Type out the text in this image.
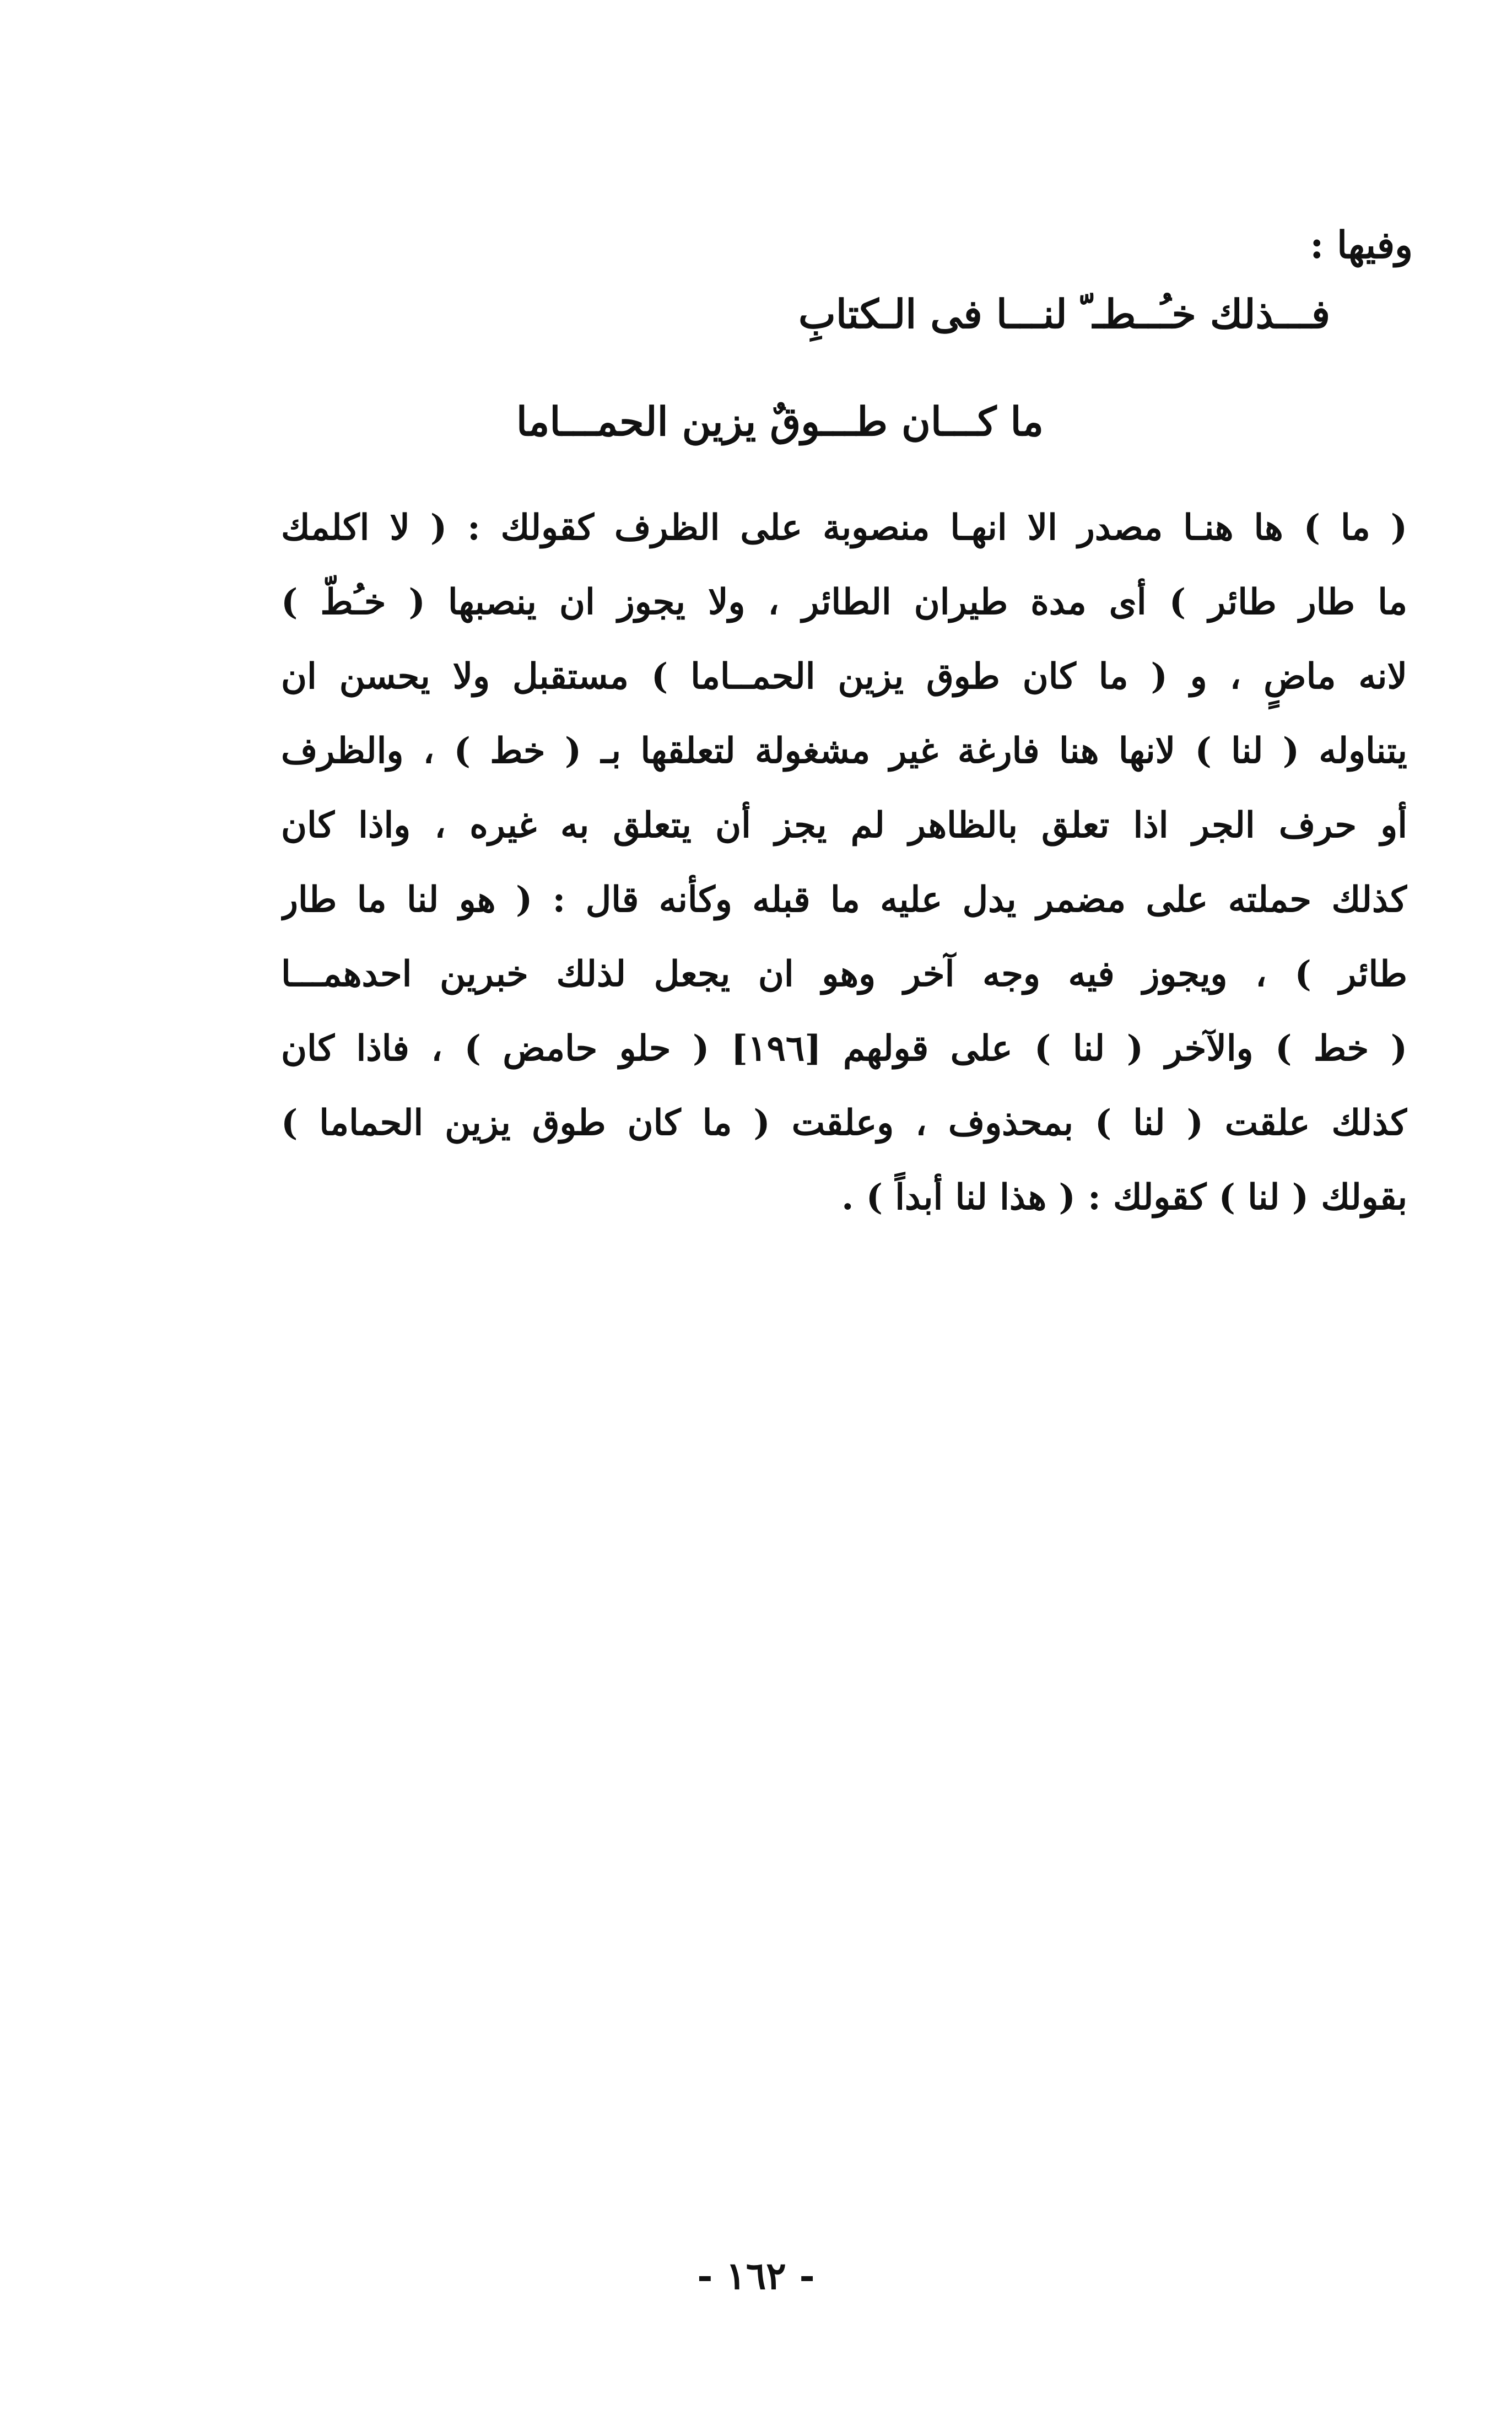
وفيها :
فـــذلك خـُــطـ ّ لنـــا فى الـكتابِ
ما كـــان طـــوقٌ يزين الحمـــاما
( ما ) ها هنـا مصدر الا انهـا منصوبة على الظرف كقولك : ( لا اكلمك
ما طار طائر ) أى مدة طيران الطائر ، ولا يجوز ان ينصبها ( خـُطّ )
لانه ماضٍ ، و ( ما كان طوق يزين الحمــاما ) مستقبل ولا يحسن ان
يتناوله ( لنا ) لانها هنا فارغة غير مشغولة لتعلقها بـ ( خط ) ، والظرف
أو حرف الجر اذا تعلق بالظاهر لم يجز أن يتعلق به غيره ، واذا كان
كذلك حملته على مضمر يدل عليه ما قبله وكأنه قال : ( هو لنا ما طار
طائر ) ، ويجوز فيه وجه آخر وهو ان يجعل لذلك خبرين احدهمـــا
( خط ) والآخر ( لنا ) على قولهم [١٩٦] ( حلو حامض ) ، فاذا كان
كذلك علقت ( لنا ) بمحذوف ، وعلقت ( ما كان طوق يزين الحماما )
بقولك ( لنا ) كقولك : ( هذا لنا أبداً ) .
- ١٦٢ -
